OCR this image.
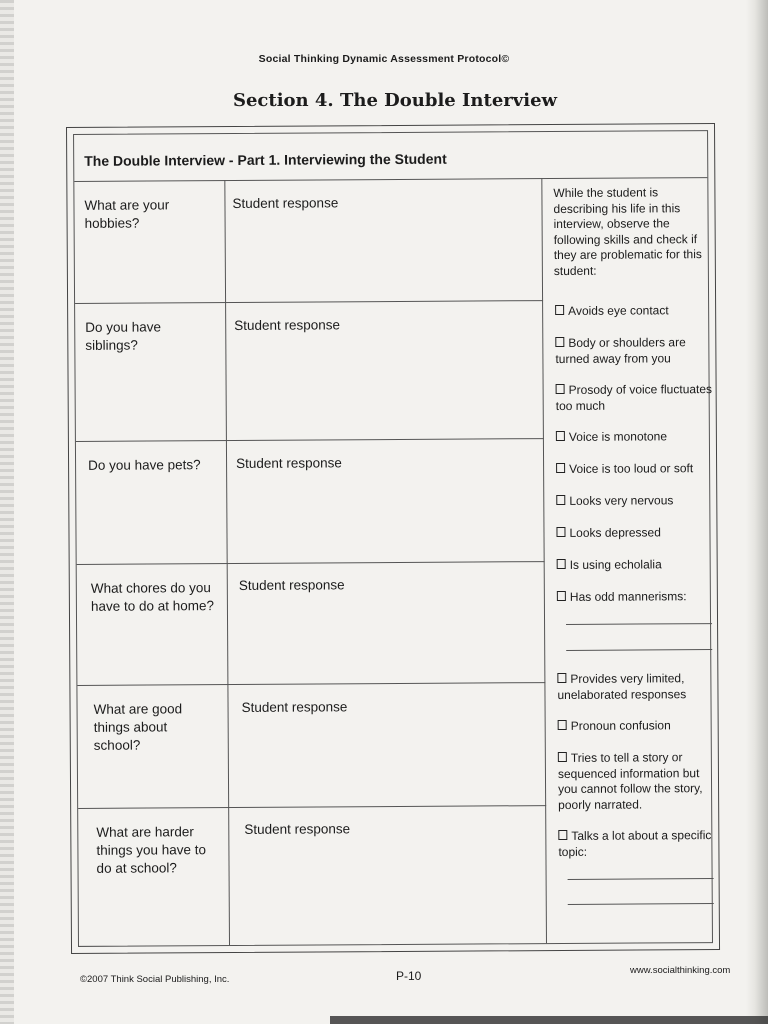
Social Thinking Dynamic Assessment Protocol©
Section 4. The Double Interview
The Double Interview - Part 1. Interviewing the Student
What are your hobbies?
Do you have siblings?
Do you have pets?
What chores do you have to do at home?
What are good things about school?
What are harder things you have to do at school?
Student response
Student response
Student response
Student response
Student response
Student response
While the student is describing his life in this interview, observe the following skills and check if they are problematic for this student:
Avoids eye contact
Body or shoulders are turned away from you
Prosody of voice fluctuates too much
Voice is monotone
Voice is too loud or soft
Looks very nervous
Looks depressed
Is using echolalia
Has odd mannerisms:
Provides very limited, unelaborated responses
Pronoun confusion
Tries to tell a story or sequenced information but you cannot follow the story, poorly narrated.
Talks a lot about a specific topic:
©2007 Think Social Publishing, Inc.	P-10	www.socialthinking.com
